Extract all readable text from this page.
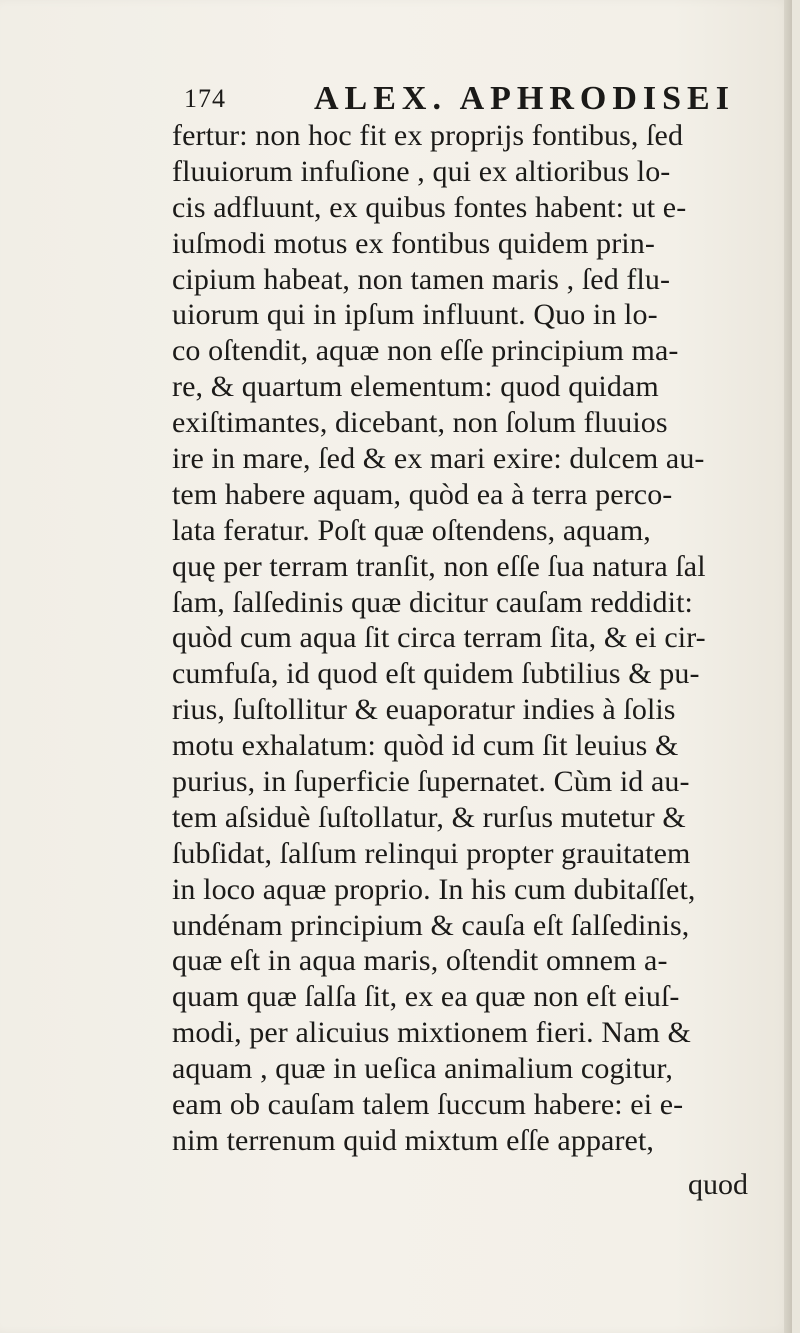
174	ALEX. APHRODISEI
fertur: non hoc fit ex proprijs fontibus, ſed
fluuiorum infuſione , qui ex altioribus lo-
cis adfluunt, ex quibus fontes habent: ut e-
iuſmodi motus ex fontibus quidem prin-
cipium habeat, non tamen maris , ſed flu-
uiorum qui in ipſum influunt. Quo in lo-
co oſtendit, aquæ non eſſe principium ma-
re, & quartum elementum: quod quidam
exiſtimantes, dicebant, non ſolum fluuios
ire in mare, ſed & ex mari exire: dulcem au-
tem habere aquam, quòd ea à terra perco-
lata feratur. Poſt quæ oſtendens, aquam,
quę per terram tranſit, non eſſe ſua natura ſal
ſam, ſalſedinis quæ dicitur cauſam reddidit:
quòd cum aqua ſit circa terram ſita, & ei cir-
cumfuſa, id quod eſt quidem ſubtilius & pu-
rius, ſuſtollitur & euaporatur indies à ſolis
motu exhalatum: quòd id cum ſit leuius &
purius, in ſuperficie ſupernatet. Cùm id au-
tem aſsiduè ſuſtollatur, & rurſus mutetur &
ſubſidat, ſalſum relinqui propter grauitatem
in loco aquæ proprio. In his cum dubitaſſet,
undénam principium & cauſa eſt ſalſedinis,
quæ eſt in aqua maris, oſtendit omnem a-
quam quæ ſalſa ſit, ex ea quæ non eſt eiuſ-
modi, per alicuius mixtionem fieri. Nam &
aquam , quæ in ueſica animalium cogitur,
eam ob cauſam talem ſuccum habere: ei e-
nim terrenum quid mixtum eſſe apparet,
quod
